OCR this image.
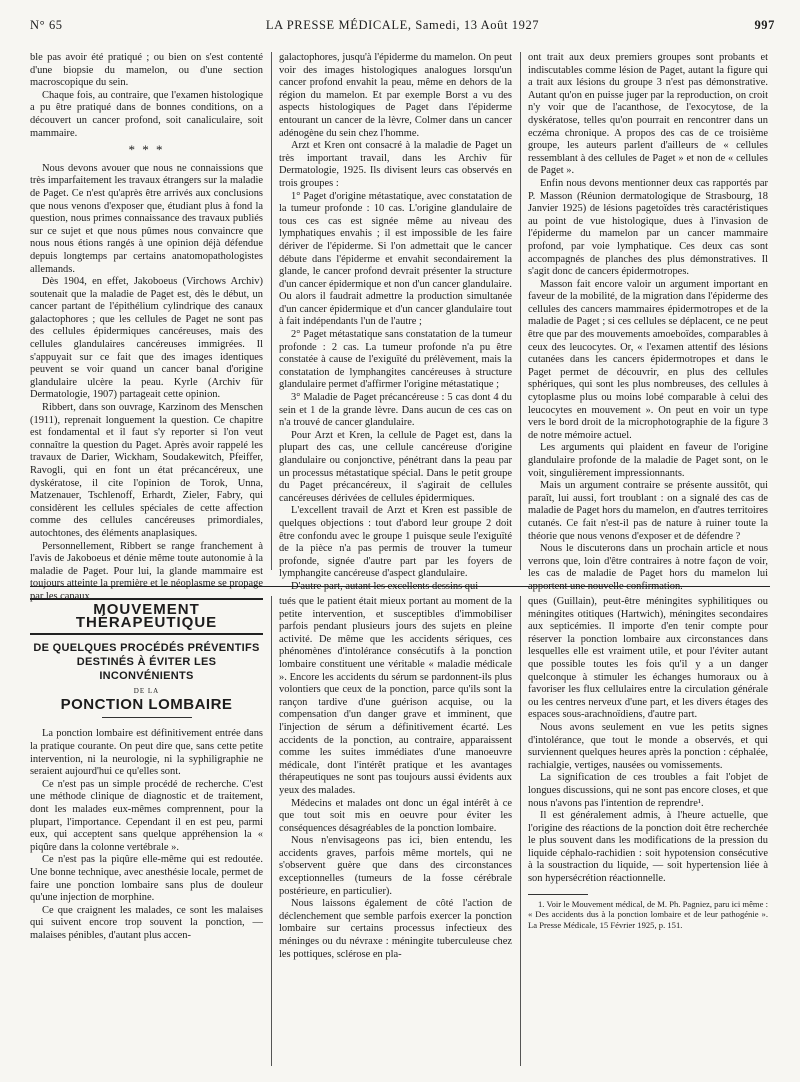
N° 65	LA PRESSE MÉDICALE, Samedi, 13 Août 1927	997

ble pas avoir été pratiqué ; ou bien on s'est contenté d'une biopsie du mamelon, ou d'une section macroscopique du sein.

Chaque fois, au contraire, que l'examen histologique a pu être pratiqué dans de bonnes conditions, on a découvert un cancer profond, soit canaliculaire, soit mammaire.

* * *

Nous devons avouer que nous ne connaissions que très imparfaitement les travaux étrangers sur la maladie de Paget. Ce n'est qu'après être arrivés aux conclusions que nous venons d'exposer que, étudiant plus à fond la question, nous primes connaissance des travaux publiés sur ce sujet et que nous pûmes nous convaincre que nous nous étions rangés à une opinion déjà défendue depuis longtemps par certains anatomopathologistes allemands.

Dès 1904, en effet, Jakoboeus (Virchows Archiv) soutenait que la maladie de Paget est, dès le début, un cancer partant de l'épithélium cylindrique des canaux galactophores ; que les cellules de Paget ne sont pas des cellules épidermiques cancéreuses, mais des cellules glandulaires cancéreuses immigrées. Il s'appuyait sur ce fait que des images identiques peuvent se voir quand un cancer banal d'origine glandulaire ulcère la peau. Kyrle (Archiv für Dermatologie, 1907) partageait cette opinion.

Ribbert, dans son ouvrage, Karzinom des Menschen (1911), reprenait longuement la question. Ce chapitre est fondamental et il faut s'y reporter si l'on veut connaître la question du Paget. Après avoir rappelé les travaux de Darier, Wickham, Soudakewitch, Pfeiffer, Ravogli, qui en font un état précancéreux, une dyskératose, il cite l'opinion de Torok, Unna, Matzenauer, Tschlenoff, Erhardt, Zieler, Fabry, qui considèrent les cellules spéciales de cette affection comme des cellules cancéreuses primordiales, autochtones, des éléments anaplasiques.

Personnellement, Ribbert se range franchement à l'avis de Jakoboeus et dénie même toute autonomie à la maladie de Paget. Pour lui, la glande mammaire est toujours atteinte la première et le néoplasme se propage par les canaux

galactophores, jusqu'à l'épiderme du mamelon. On peut voir des images histologiques analogues lorsqu'un cancer profond envahit la peau, même en dehors de la région du mamelon. Et par exemple Borst a vu des aspects histologiques de Paget dans l'épiderme entourant un cancer de la lèvre, Colmer dans un cancer adénogène du sein chez l'homme.

Arzt et Kren ont consacré à la maladie de Paget un très important travail, dans les Archiv für Dermatologie, 1925. Ils divisent leurs cas observés en trois groupes :

1° Paget d'origine métastatique, avec constatation de la tumeur profonde : 10 cas. L'origine glandulaire de tous ces cas est signée même au niveau des lymphatiques envahis ; il est impossible de les faire dériver de l'épiderme. Si l'on admettait que le cancer débute dans l'épiderme et envahit secondairement la glande, le cancer profond devrait présenter la structure d'un cancer épidermique et non d'un cancer glandulaire. Ou alors il faudrait admettre la production simultanée d'un cancer épidermique et d'un cancer glandulaire tout à fait indépendants l'un de l'autre ;

2° Paget métastatique sans constatation de la tumeur profonde : 2 cas. La tumeur profonde n'a pu être constatée à cause de l'exiguïté du prélèvement, mais la constatation de lymphangites cancéreuses à structure glandulaire permet d'affirmer l'origine métastatique ;

3° Maladie de Paget précancéreuse : 5 cas dont 4 du sein et 1 de la grande lèvre. Dans aucun de ces cas on n'a trouvé de cancer glandulaire.

Pour Arzt et Kren, la cellule de Paget est, dans la plupart des cas, une cellule cancéreuse d'origine glandulaire ou conjonctive, pénétrant dans la peau par un processus métastatique spécial. Dans le petit groupe du Paget précancéreux, il s'agirait de cellules cancéreuses dérivées de cellules épidermiques.

L'excellent travail de Arzt et Kren est passible de quelques objections : tout d'abord leur groupe 2 doit être confondu avec le groupe 1 puisque seule l'exiguïté de la pièce n'a pas permis de trouver la tumeur profonde, signée d'autre part par les foyers de lymphangite cancéreuse d'aspect glandulaire.

D'autre part, autant les excellents dessins qui

ont trait aux deux premiers groupes sont probants et indiscutables comme lésion de Paget, autant la figure qui a trait aux lésions du groupe 3 n'est pas démonstrative. Autant qu'on en puisse juger par la reproduction, on croit n'y voir que de l'acanthose, de l'exocytose, de la dyskératose, telles qu'on pourrait en rencontrer dans un eczéma chronique. A propos des cas de ce troisième groupe, les auteurs parlent d'ailleurs de « cellules ressemblant à des cellules de Paget » et non de « cellules de Paget ».

Enfin nous devons mentionner deux cas rapportés par P. Masson (Réunion dermatologique de Strasbourg, 18 Janvier 1925) de lésions pagetoïdes très caractéristiques au point de vue histologique, dues à l'invasion de l'épiderme du mamelon par un cancer mammaire profond, par voie lymphatique. Ces deux cas sont accompagnés de planches des plus démonstratives. Il s'agit donc de cancers épidermotropes.

Masson fait encore valoir un argument important en faveur de la mobilité, de la migration dans l'épiderme des cellules des cancers mammaires épidermotropes et de la maladie de Paget ; si ces cellules se déplacent, ce ne peut être que par des mouvements amoeboïdes, comparables à ceux des leucocytes. Or, « l'examen attentif des lésions cutanées dans les cancers épidermotropes et dans le Paget permet de découvrir, en plus des cellules sphériques, qui sont les plus nombreuses, des cellules à cytoplasme plus ou moins lobé comparable à celui des leucocytes en mouvement ». On peut en voir un type vers le bord droit de la microphotographie de la figure 3 de notre mémoire actuel.

Les arguments qui plaident en faveur de l'origine glandulaire profonde de la maladie de Paget sont, on le voit, singulièrement impressionnants.

Mais un argument contraire se présente aussitôt, qui paraît, lui aussi, fort troublant : on a signalé des cas de maladie de Paget hors du mamelon, en d'autres territoires cutanés. Ce fait n'est-il pas de nature à ruiner toute la théorie que nous venons d'exposer et de défendre ?

Nous le discuterons dans un prochain article et nous verrons que, loin d'être contraires à notre façon de voir, les cas de maladie de Paget hors du mamelon lui apportent une nouvelle confirmation.

MOUVEMENT THÉRAPEUTIQUE
DE QUELQUES PROCÉDÉS PRÉVENTIFS DESTINÉS À ÉVITER LES INCONVÉNIENTS
DE LA
PONCTION LOMBAIRE

La ponction lombaire est définitivement entrée dans la pratique courante. On peut dire que, sans cette petite intervention, ni la neurologie, ni la syphiligraphie ne seraient aujourd'hui ce qu'elles sont.

Ce n'est pas un simple procédé de recherche. C'est une méthode clinique de diagnostic et de traitement, dont les malades eux-mêmes comprennent, pour la plupart, l'importance. Cependant il en est peu, parmi eux, qui acceptent sans quelque appréhension la « piqûre dans la colonne vertébrale ».

Ce n'est pas la piqûre elle-même qui est redoutée. Une bonne technique, avec anesthésie locale, permet de faire une ponction lombaire sans plus de douleur qu'une injection de morphine.

Ce que craignent les malades, ce sont les malaises qui suivent encore trop souvent la ponction, — malaises pénibles, d'autant plus accen-

tués que le patient était mieux portant au moment de la petite intervention, et susceptibles d'immobiliser parfois pendant plusieurs jours des sujets en pleine activité. De même que les accidents sériques, ces phénomènes d'intolérance consécutifs à la ponction lombaire constituent une véritable « maladie médicale ». Encore les accidents du sérum se pardonnent-ils plus volontiers que ceux de la ponction, parce qu'ils sont la rançon tardive d'une guérison acquise, ou la compensation d'un danger grave et imminent, que l'injection de sérum a définitivement écarté. Les accidents de la ponction, au contraire, apparaissent comme les suites immédiates d'une manoeuvre médicale, dont l'intérêt pratique et les avantages thérapeutiques ne sont pas toujours aussi évidents aux yeux des malades.

Médecins et malades ont donc un égal intérêt à ce que tout soit mis en oeuvre pour éviter les conséquences désagréables de la ponction lombaire.

Nous n'envisageons pas ici, bien entendu, les accidents graves, parfois même mortels, qui ne s'observent guère que dans des circonstances exceptionnelles (tumeurs de la fosse cérébrale postérieure, en particulier).

Nous laissons également de côté l'action de déclenchement que semble parfois exercer la ponction lombaire sur certains processus infectieux des méninges ou du névraxe : méningite tuberculeuse chez les pottiques, sclérose en pla-

ques (Guillain), peut-être méningites syphilitiques ou méningites otitiques (Hartwich), méningites secondaires aux septicémies. Il importe d'en tenir compte pour réserver la ponction lombaire aux circonstances dans lesquelles elle est vraiment utile, et pour l'éviter autant que possible toutes les fois qu'il y a un danger quelconque à stimuler les échanges humoraux ou à favoriser les flux cellulaires entre la circulation générale ou les centres nerveux d'une part, et les divers étages des espaces sous-arachnoïdiens, d'autre part.

Nous avons seulement en vue les petits signes d'intolérance, que tout le monde a observés, et qui surviennent quelques heures après la ponction : céphalée, rachialgie, vertiges, nausées ou vomissements.

La signification de ces troubles a fait l'objet de longues discussions, qui ne sont pas encore closes, et que nous n'avons pas l'intention de reprendre¹.

Il est généralement admis, à l'heure actuelle, que l'origine des réactions de la ponction doit être recherchée le plus souvent dans les modifications de la pression du liquide céphalo-rachidien : soit hypotension consécutive à la soustraction du liquide, — soit hypertension liée à son hypersécrétion réactionnelle.

1. Voir le Mouvement médical, de M. Ph. Pagniez, paru ici même : « Des accidents dus à la ponction lombaire et de leur pathogénie ». La Presse Médicale, 15 Février 1925, p. 151.
